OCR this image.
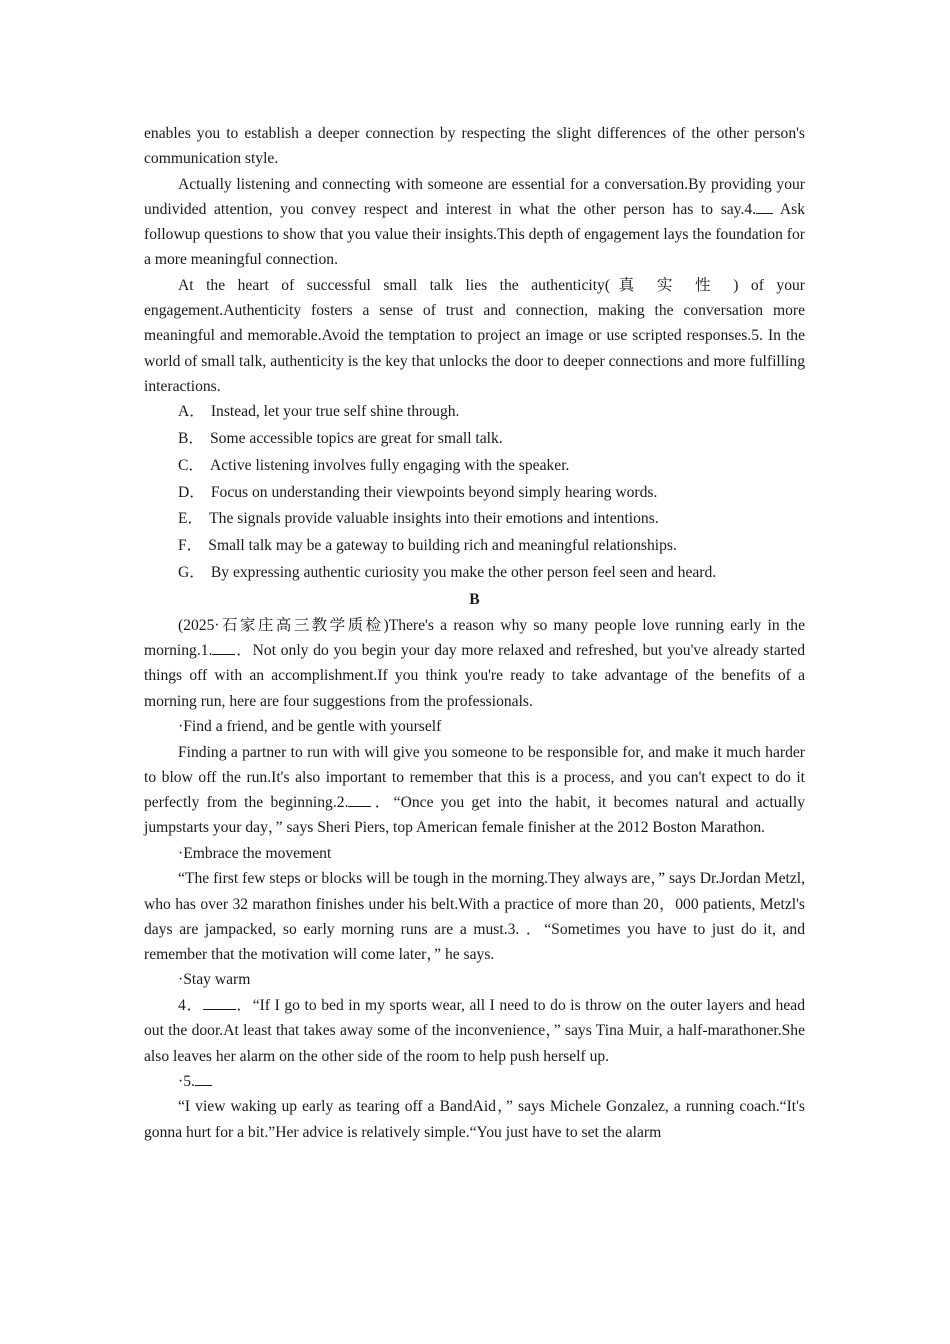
enables you to establish a deeper connection by respecting the slight differences of the other person's communication style.

Actually listening and connecting with someone are essential for a conversation.By providing your undivided attention, you convey respect and interest in what the other person has to say.4. Ask followup questions to show that you value their insights.This depth of engagement lays the foundation for a more meaningful connection.

At the heart of successful small talk lies the authenticity(真实性) of your engagement.Authenticity fosters a sense of trust and connection, making the conversation more meaningful and memorable.Avoid the temptation to project an image or use scripted responses.5. In the world of small talk, authenticity is the key that unlocks the door to deeper connections and more fulfilling interactions.

A． Instead, let your true self shine through.

B． Some accessible topics are great for small talk.

C． Active listening involves fully engaging with the speaker.

D． Focus on understanding their viewpoints beyond simply hearing words.

E． The signals provide valuable insights into their emotions and intentions.

F． Small talk may be a gateway to building rich and meaningful relationships.

G． By expressing authentic curiosity you make the other person feel seen and heard.

B

(2025·石家庄高三教学质检)There's a reason why so many people love running early in the morning.1. ．Not only do you begin your day more relaxed and refreshed, but you've already started things off with an accomplishment.If you think you're ready to take advantage of the benefits of a morning run, here are four suggestions from the professionals.

·Find a friend, and be gentle with yourself

Finding a partner to run with will give you someone to be responsible for, and make it much harder to blow off the run.It's also important to remember that this is a process, and you can't expect to do it perfectly from the beginning.2. ．“Once you get into the habit, it becomes natural and actually jumpstarts your day，” says Sheri Piers, top American female finisher at the 2012 Boston Marathon.

·Embrace the movement

“The first few steps or blocks will be tough in the morning.They always are，” says Dr.Jordan Metzl, who has over 32 marathon finishes under his belt.With a practice of more than 20，000 patients, Metzl's days are jampacked, so early morning runs are a must.3. ．“Sometimes you have to just do it, and remember that the motivation will come later，” he says.

·Stay warm

4． ．“If I go to bed in my sports wear, all I need to do is throw on the outer layers and head out the door.At least that takes away some of the inconvenience，” says Tina Muir, a half-marathoner.She also leaves her alarm on the other side of the room to help push herself up.

·5.

“I view waking up early as tearing off a BandAid，” says Michele Gonzalez, a running coach.“It's gonna hurt for a bit.”Her advice is relatively simple.“You just have to set the alarm
